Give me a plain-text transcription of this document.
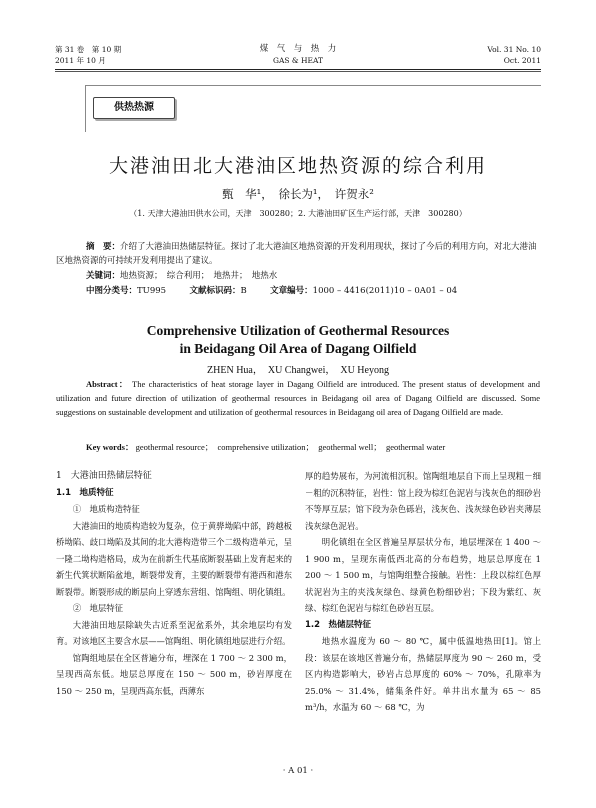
第 31 卷　第 10 期
2011 年 10 月
煤　气　与　热　力
GAS & HEAT
Vol. 31 No. 10
Oct. 2011
供热热源
大港油田北大港油区地热资源的综合利用
甄　华¹，　徐长为¹，　许贺永²
（1. 天津大港油田供水公司，天津　300280；2. 大港油田矿区生产运行部，天津　300280）
摘　要：介绍了大港油田热储层特征。探讨了北大港油区地热资源的开发利用现状，探讨了今后的利用方向，对北大港油区地热资源的可持续开发利用提出了建议。
关键词：地热资源；　综合利用；　地热井；　地热水
中图分类号：TU995	文献标识码：B	文章编号：1000 – 4416(2011)10 – 0A01 – 04
Comprehensive Utilization of Geothermal Resources
in Beidagang Oil Area of Dagang Oilfield
ZHEN Hua，　XU Changwei，　XU Heyong
Abstract： The characteristics of heat storage layer in Dagang Oilfield are introduced. The present status of development and utilization and future direction of utilization of geothermal resources in Beidagang oil area of Dagang Oilfield are discussed. Some suggestions on sustainable development and utilization of geothermal resources in Beidagang oil area of Dagang Oilfield are made.
Key words： geothermal resource；　comprehensive utilization；　geothermal well；　geothermal water
1　大港油田热储层特征
1.1　地质特征
①　地质构造特征
大港油田的地质构造较为复杂，位于黄骅坳陷中部，跨越板桥坳陷、歧口坳陷及其间的北大港构造带三个二级构造单元，呈一隆二坳构造格局，成为在前新生代基底断裂基础上发育起来的新生代箕状断陷盆地，断裂带发育，主要的断裂带有港西和港东断裂带。断裂形成的断层向上穿透东营组、馆陶组、明化镇组。
②　地层特征
大港油田地层除缺失古近系至泥盆系外，其余地层均有发育。对该地区主要含水层——馆陶组、明化镇组地层进行介绍。
馆陶组地层在全区普遍分布，埋深在 1 700 ～ 2 300 m，呈现西高东低。地层总厚度在 150 ～ 500 m，砂岩厚度在 150 ～ 250 m，呈现西高东低，西薄东
厚的趋势展布，为河流相沉积。馆陶组地层自下而上呈现粗－细－粗的沉积特征，岩性：馆上段为棕红色泥岩与浅灰色的细砂岩不等厚互层；馆下段为杂色砾岩，浅灰色、浅灰绿色砂岩夹薄层浅灰绿色泥岩。
明化镇组在全区普遍呈厚层状分布，地层埋深在 1 400 ～ 1 900 m，呈现东南低西北高的分布趋势，地层总厚度在 1 200 ～ 1 500 m，与馆陶组整合接触。岩性：上段以棕红色厚状泥岩为主的夹浅灰绿色、绿黄色粉细砂岩；下段为紫红、灰绿、棕红色泥岩与棕红色砂岩互层。
1.2　热储层特征
地热水温度为 60 ～ 80 ℃，属中低温地热田[1]。馆上段：该层在该地区普遍分布，热储层厚度为 90 ～ 260 m，受区内构造影响大，砂岩占总厚度的 60% ～ 70%，孔隙率为 25.0% ～ 31.4%，储集条件好。单井出水量为 65 ～ 85 m³/h，水温为 60 ～ 68 ℃，为
· A 01 ·
